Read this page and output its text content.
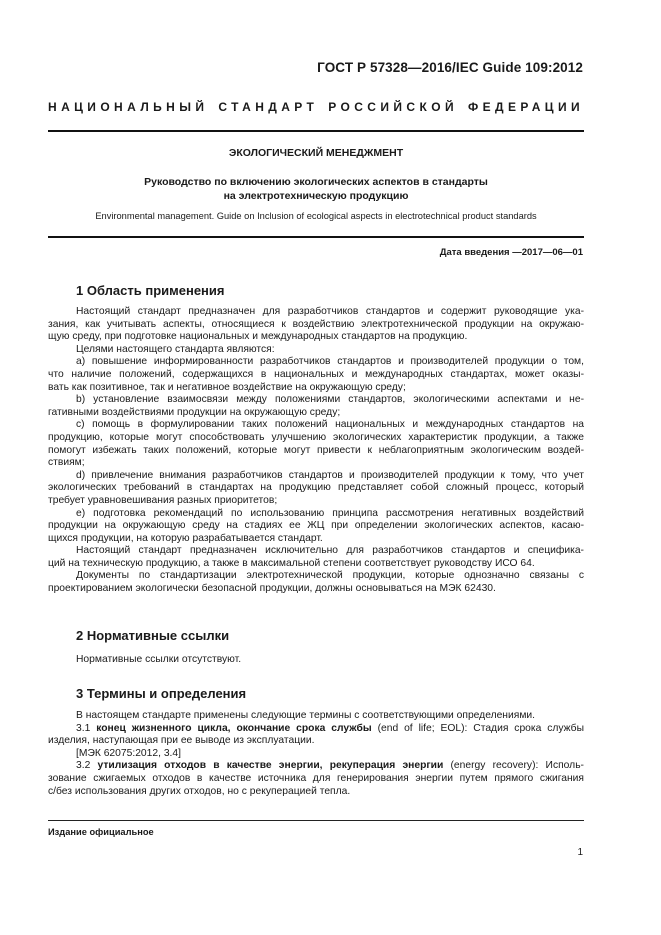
ГОСТ Р 57328—2016/IEC Guide 109:2012
НАЦИОНАЛЬНЫЙ СТАНДАРТ РОССИЙСКОЙ ФЕДЕРАЦИИ
ЭКОЛОГИЧЕСКИЙ МЕНЕДЖМЕНТ
Руководство по включению экологических аспектов в стандарты
на электротехническую продукцию
Environmental management. Guide on Inclusion of ecological aspects in electrotechnical product standards
Дата введения —2017—06—01
1 Область применения
Настоящий стандарт предназначен для разработчиков стандартов и содержит руководящие ука-
зания, как учитывать аспекты, относящиеся к воздействию электротехнической продукции на окружаю-
щую среду, при подготовке национальных и международных стандартов на продукцию.
Целями настоящего стандарта являются:
а) повышение информированности разработчиков стандартов и производителей продукции о том,
что наличие положений, содержащихся в национальных и международных стандартах, может оказы-
вать как позитивное, так и негативное воздействие на окружающую среду;
b) установление взаимосвязи между положениями стандартов, экологическими аспектами и не-
гативными воздействиями продукции на окружающую среду;
с) помощь в формулировании таких положений национальных и международных стандартов на
продукцию, которые могут способствовать улучшению экологических характеристик продукции, а также
помогут избежать таких положений, которые могут привести к неблагоприятным экологическим воздей-
ствиям;
d) привлечение внимания разработчиков стандартов и производителей продукции к тому, что учет
экологических требований в стандартах на продукцию представляет собой сложный процесс, который
требует уравновешивания разных приоритетов;
е) подготовка рекомендаций по использованию принципа рассмотрения негативных воздействий
продукции на окружающую среду на стадиях ее ЖЦ при определении экологических аспектов, касаю-
щихся продукции, на которую разрабатывается стандарт.
Настоящий стандарт предназначен исключительно для разработчиков стандартов и специфика-
ций на техническую продукцию, а также в максимальной степени соответствует руководству ИСО 64.
Документы по стандартизации электротехнической продукции, которые однозначно связаны с
проектированием экологически безопасной продукции, должны основываться на МЭК 62430.
2 Нормативные ссылки
Нормативные ссылки отсутствуют.
3 Термины и определения
В настоящем стандарте применены следующие термины с соответствующими определениями.
3.1 конец жизненного цикла, окончание срока службы (end of life; EOL): Стадия срока службы
изделия, наступающая при ее выводе из эксплуатации.
[МЭК 62075:2012, 3.4]
3.2 утилизация отходов в качестве энергии, рекуперация энергии (energy recovery): Исполь-
зование сжигаемых отходов в качестве источника для генерирования энергии путем прямого сжигания
с/без использования других отходов, но с рекуперацией тепла.
Издание официальное
1
